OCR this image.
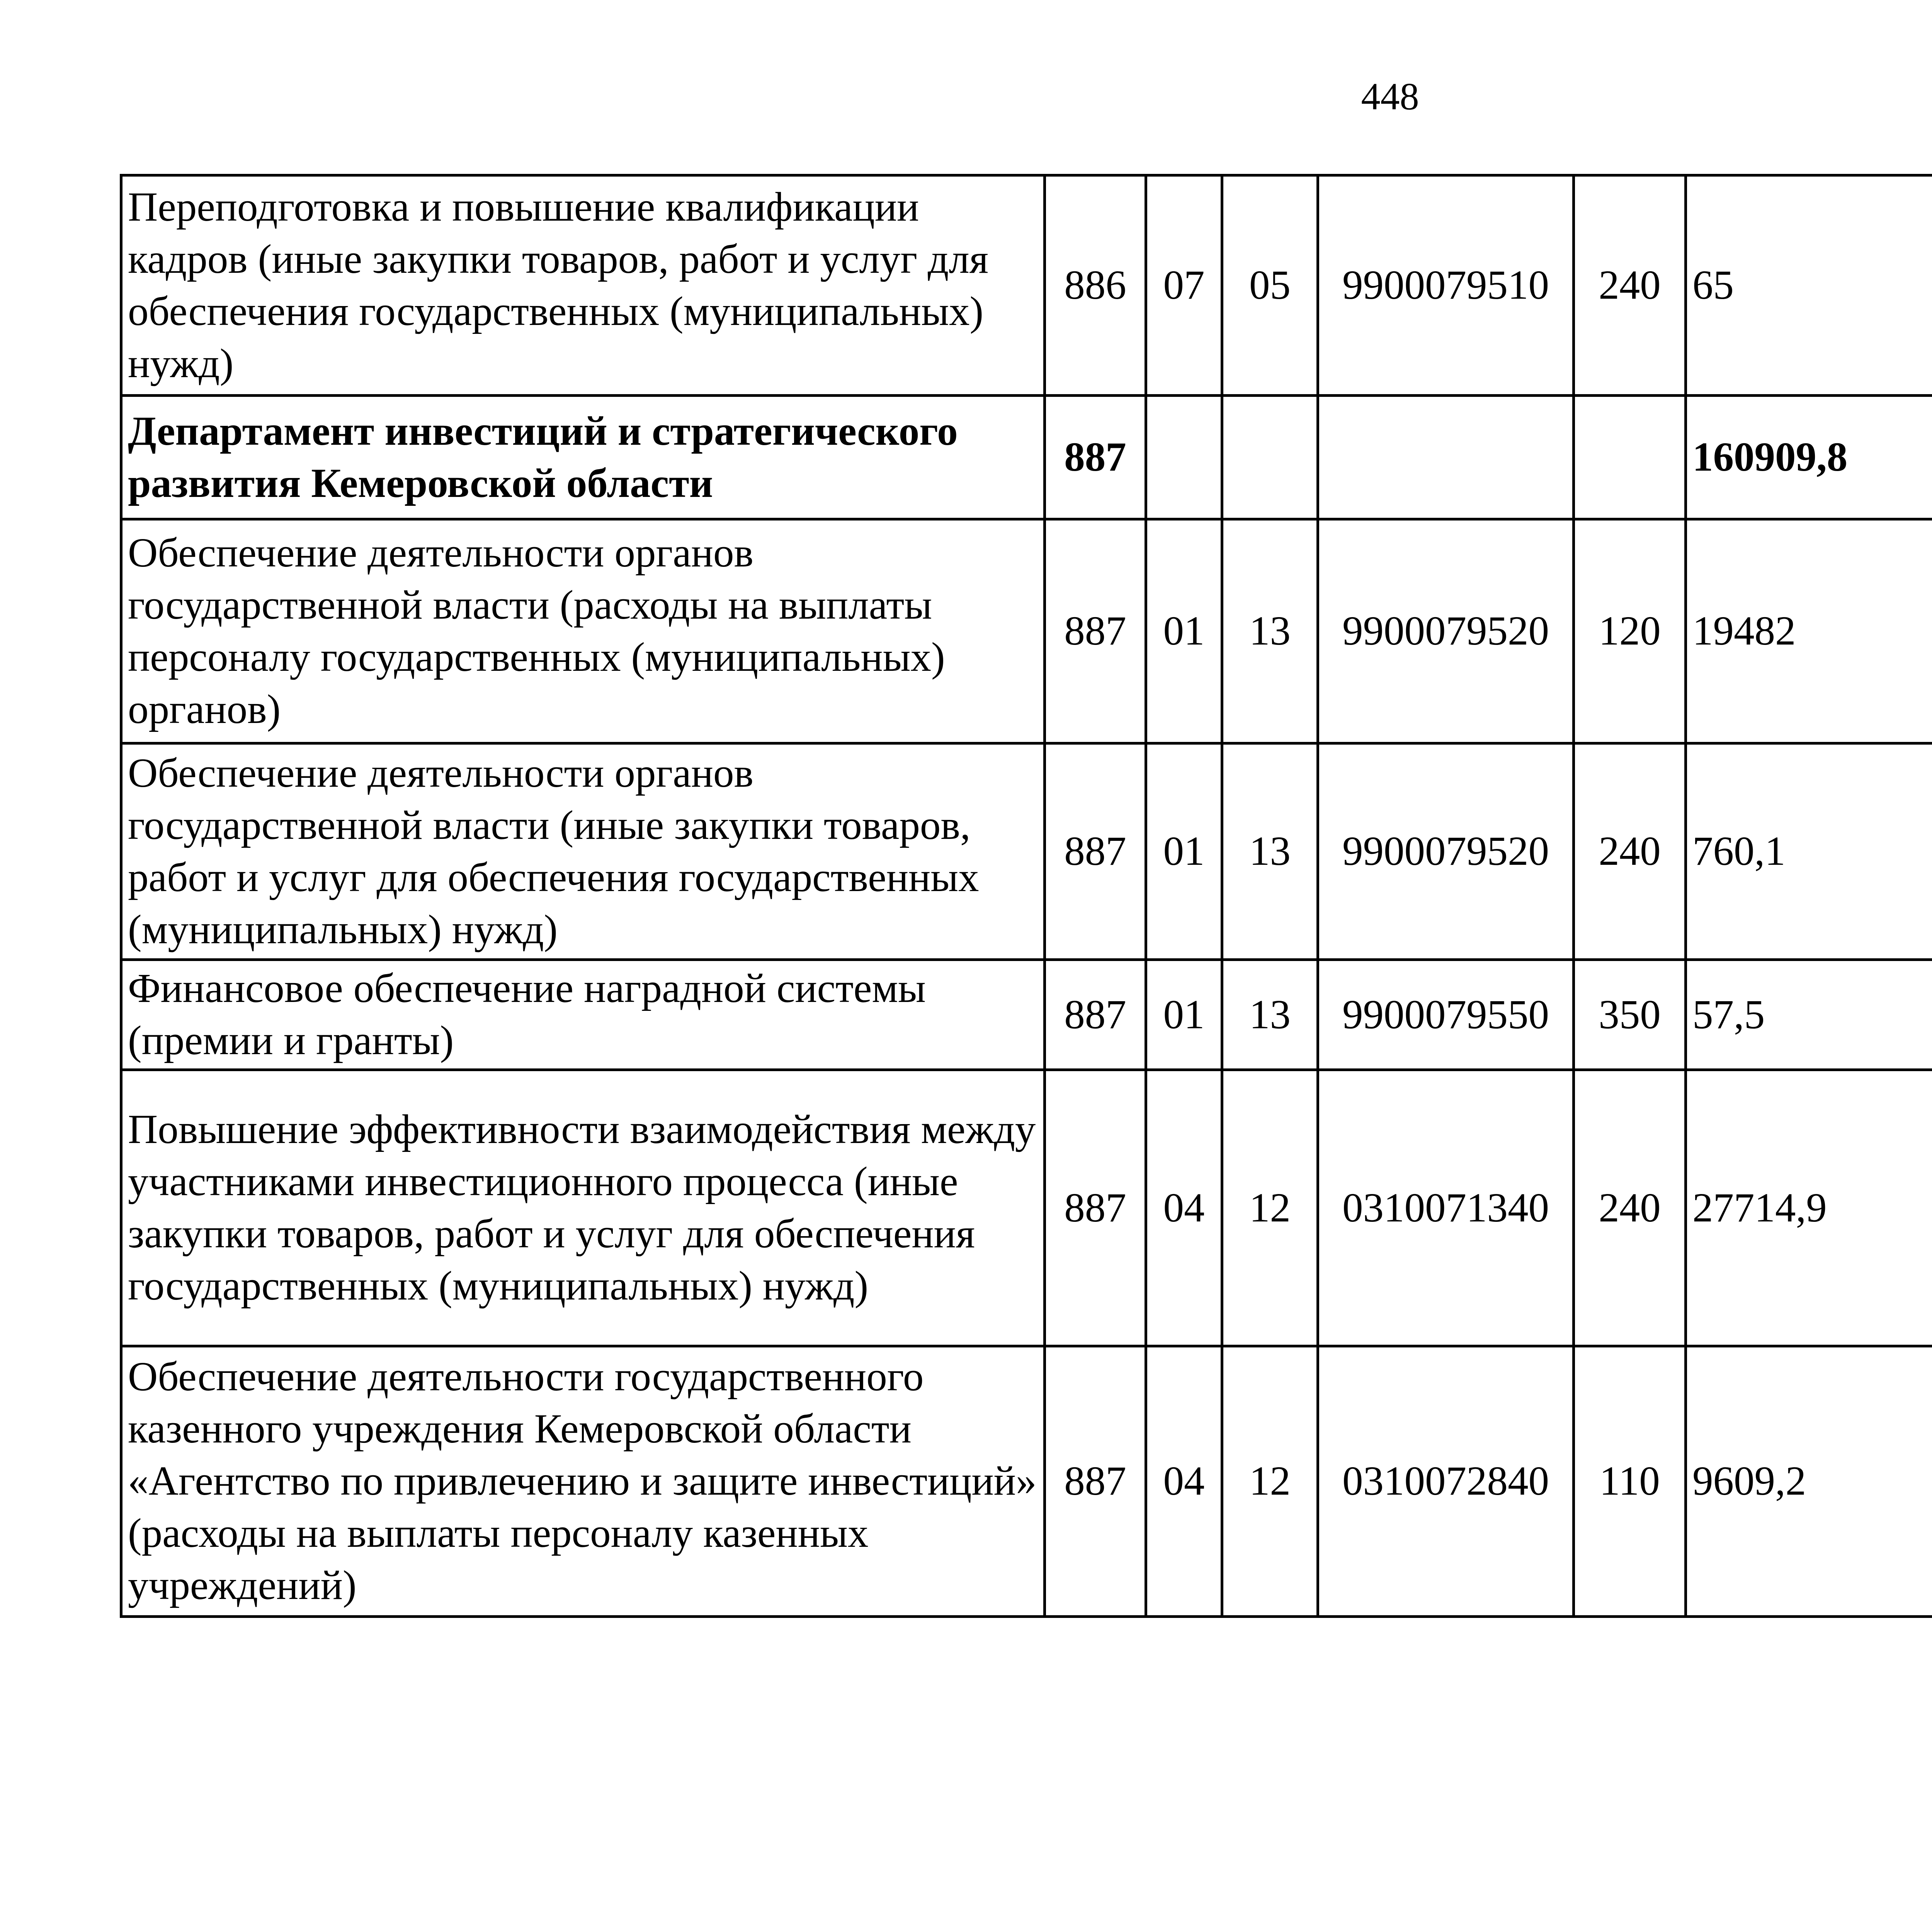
448
Переподготовка и повышение квалификации кадров (иные закупки товаров, работ и услуг для обеспечения государственных (муниципальных) нужд)	886	07	05	9900079510	240	65		
Департамент инвестиций и стратегического развития Кемеровской области	887					160909,8		
Обеспечение деятельности органов государственной власти (расходы на выплаты персоналу государственных (муниципальных) органов)	887	01	13	9900079520	120	19482		
Обеспечение деятельности органов государственной власти (иные закупки товаров, работ и услуг для обеспечения государственных (муниципальных) нужд)	887	01	13	9900079520	240	760,1		
Финансовое обеспечение наградной системы (премии и гранты)	887	01	13	9900079550	350	57,5		
Повышение эффективности взаимодействия между участниками инвестиционного процесса (иные закупки товаров, работ и услуг для обеспечения государственных (муниципальных) нужд)	887	04	12	0310071340	240	27714,9		
Обеспечение деятельности государственного казенного учреждения Кемеровской области «Агентство по привлечению и защите инвестиций» (расходы на выплаты персоналу казенных учреждений)	887	04	12	0310072840	110	9609,2		
